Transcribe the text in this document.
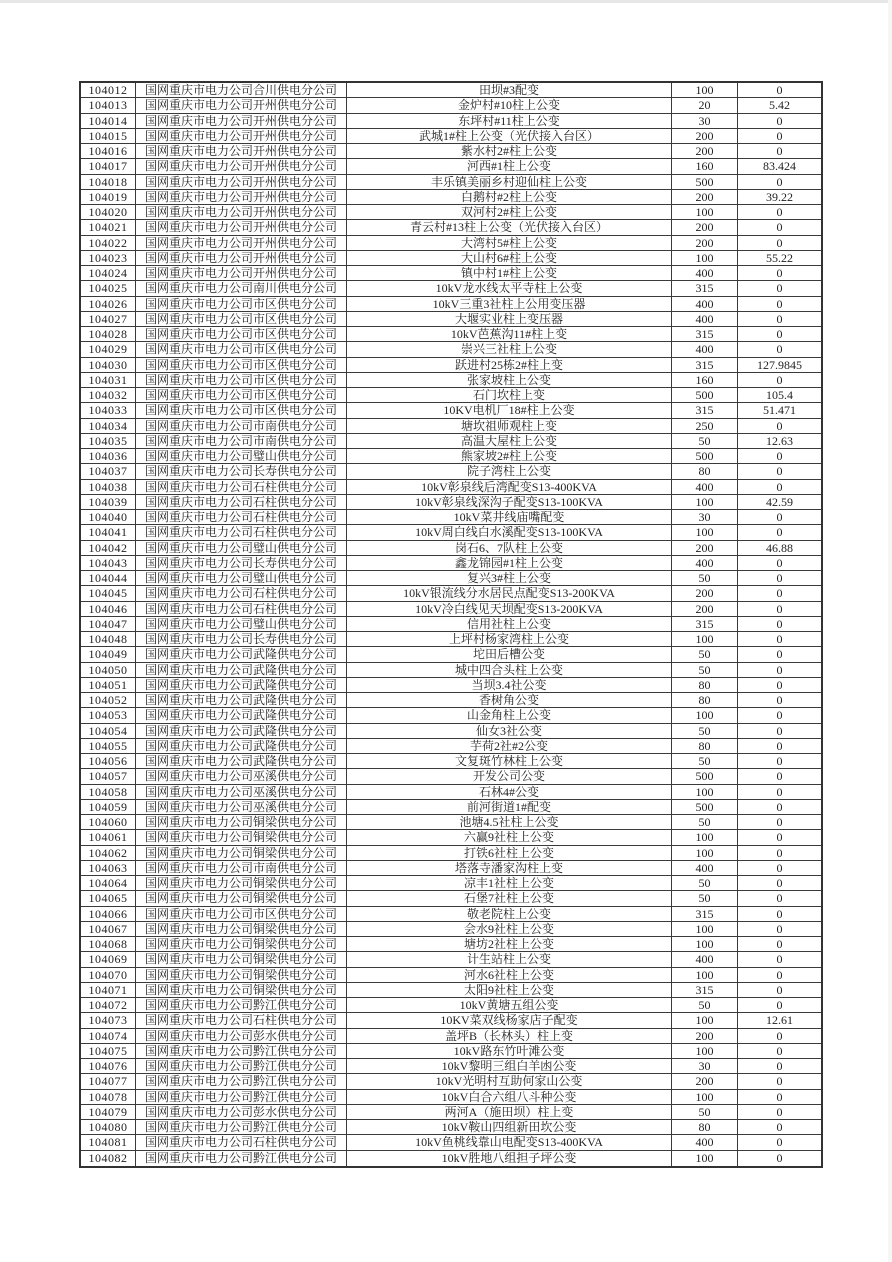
104012	国网重庆市电力公司合川供电分公司	田坝#3配变	100	0
104013	国网重庆市电力公司开州供电分公司	金炉村#10柱上公变	20	5.42
104014	国网重庆市电力公司开州供电分公司	东坪村#11柱上公变	30	0
104015	国网重庆市电力公司开州供电分公司	武城1#柱上公变（光伏接入台区）	200	0
104016	国网重庆市电力公司开州供电分公司	紫水村2#柱上公变	200	0
104017	国网重庆市电力公司开州供电分公司	河西#1柱上公变	160	83.424
104018	国网重庆市电力公司开州供电分公司	丰乐镇美丽乡村迎仙柱上公变	500	0
104019	国网重庆市电力公司开州供电分公司	白鹅村#2柱上公变	200	39.22
104020	国网重庆市电力公司开州供电分公司	双河村2#柱上公变	100	0
104021	国网重庆市电力公司开州供电分公司	青云村#13柱上公变（光伏接入台区）	200	0
104022	国网重庆市电力公司开州供电分公司	大湾村5#柱上公变	200	0
104023	国网重庆市电力公司开州供电分公司	大山村6#柱上公变	100	55.22
104024	国网重庆市电力公司开州供电分公司	镇中村1#柱上公变	400	0
104025	国网重庆市电力公司南川供电分公司	10kV龙水线太平寺柱上公变	315	0
104026	国网重庆市电力公司市区供电分公司	10kV三重3社柱上公用变压器	400	0
104027	国网重庆市电力公司市区供电分公司	大堰实业柱上变压器	400	0
104028	国网重庆市电力公司市区供电分公司	10kV芭蕉沟11#柱上变	315	0
104029	国网重庆市电力公司市区供电分公司	崇兴三社柱上公变	400	0
104030	国网重庆市电力公司市区供电分公司	跃进村25栋2#柱上变	315	127.9845
104031	国网重庆市电力公司市区供电分公司	张家坡柱上公变	160	0
104032	国网重庆市电力公司市区供电分公司	石门坎柱上变	500	105.4
104033	国网重庆市电力公司市区供电分公司	10KV电机厂18#柱上公变	315	51.471
104034	国网重庆市电力公司市南供电分公司	塘坎祖师观柱上变	250	0
104035	国网重庆市电力公司市南供电分公司	高温大屋柱上公变	50	12.63
104036	国网重庆市电力公司璧山供电分公司	熊家坡2#柱上公变	500	0
104037	国网重庆市电力公司长寿供电分公司	院子湾柱上公变	80	0
104038	国网重庆市电力公司石柱供电分公司	10kV彰泉线后湾配变S13-400KVA	400	0
104039	国网重庆市电力公司石柱供电分公司	10kV彰泉线深沟子配变S13-100KVA	100	42.59
104040	国网重庆市电力公司石柱供电分公司	10kV菜井线庙嘴配变	30	0
104041	国网重庆市电力公司石柱供电分公司	10kV周白线白水溪配变S13-100KVA	100	0
104042	国网重庆市电力公司璧山供电分公司	岗石6、7队柱上公变	200	46.88
104043	国网重庆市电力公司长寿供电分公司	鑫龙锦园#1柱上公变	400	0
104044	国网重庆市电力公司璧山供电分公司	复兴3#柱上公变	50	0
104045	国网重庆市电力公司石柱供电分公司	10kV银流线分水居民点配变S13-200KVA	200	0
104046	国网重庆市电力公司石柱供电分公司	10kV冷白线见天坝配变S13-200KVA	200	0
104047	国网重庆市电力公司璧山供电分公司	信用社柱上公变	315	0
104048	国网重庆市电力公司长寿供电分公司	上坪村杨家湾柱上公变	100	0
104049	国网重庆市电力公司武隆供电分公司	坨田后槽公变	50	0
104050	国网重庆市电力公司武隆供电分公司	城中四合头柱上公变	50	0
104051	国网重庆市电力公司武隆供电分公司	当坝3.4社公变	80	0
104052	国网重庆市电力公司武隆供电分公司	香树角公变	80	0
104053	国网重庆市电力公司武隆供电分公司	山金角柱上公变	100	0
104054	国网重庆市电力公司武隆供电分公司	仙女3社公变	50	0
104055	国网重庆市电力公司武隆供电分公司	芋荷2社#2公变	80	0
104056	国网重庆市电力公司武隆供电分公司	文复斑竹林柱上公变	50	0
104057	国网重庆市电力公司巫溪供电分公司	开发公司公变	500	0
104058	国网重庆市电力公司巫溪供电分公司	石林4#公变	100	0
104059	国网重庆市电力公司巫溪供电分公司	前河街道1#配变	500	0
104060	国网重庆市电力公司铜梁供电分公司	池塘4.5社柱上公变	50	0
104061	国网重庆市电力公司铜梁供电分公司	六赢9社柱上公变	100	0
104062	国网重庆市电力公司铜梁供电分公司	打铁6社柱上公变	100	0
104063	国网重庆市电力公司市南供电分公司	塔落寺潘家沟柱上变	400	0
104064	国网重庆市电力公司铜梁供电分公司	凉丰1社柱上公变	50	0
104065	国网重庆市电力公司铜梁供电分公司	石堡7社柱上公变	50	0
104066	国网重庆市电力公司市区供电分公司	敬老院柱上公变	315	0
104067	国网重庆市电力公司铜梁供电分公司	会水9社柱上公变	100	0
104068	国网重庆市电力公司铜梁供电分公司	塘坊2社柱上公变	100	0
104069	国网重庆市电力公司铜梁供电分公司	计生站柱上公变	400	0
104070	国网重庆市电力公司铜梁供电分公司	河水6社柱上公变	100	0
104071	国网重庆市电力公司铜梁供电分公司	太阳9社柱上公变	315	0
104072	国网重庆市电力公司黔江供电分公司	10kV黄塘五组公变	50	0
104073	国网重庆市电力公司石柱供电分公司	10KV菜双线杨家店子配变	100	12.61
104074	国网重庆市电力公司彭水供电分公司	盖坪B（长林头）柱上变	200	0
104075	国网重庆市电力公司黔江供电分公司	10kV路东竹叶滩公变	100	0
104076	国网重庆市电力公司黔江供电分公司	10kV黎明三组白羊凼公变	30	0
104077	国网重庆市电力公司黔江供电分公司	10kV光明村互助何家山公变	200	0
104078	国网重庆市电力公司黔江供电分公司	10kV白合六组八斗种公变	100	0
104079	国网重庆市电力公司彭水供电分公司	两河A（施田坝）柱上变	50	0
104080	国网重庆市电力公司黔江供电分公司	10kV鞍山四组新田坎公变	80	0
104081	国网重庆市电力公司石柱供电分公司	10kV鱼桃线靠山电配变S13-400KVA	400	0
104082	国网重庆市电力公司黔江供电分公司	10kV胜地八组担子坪公变	100	0
